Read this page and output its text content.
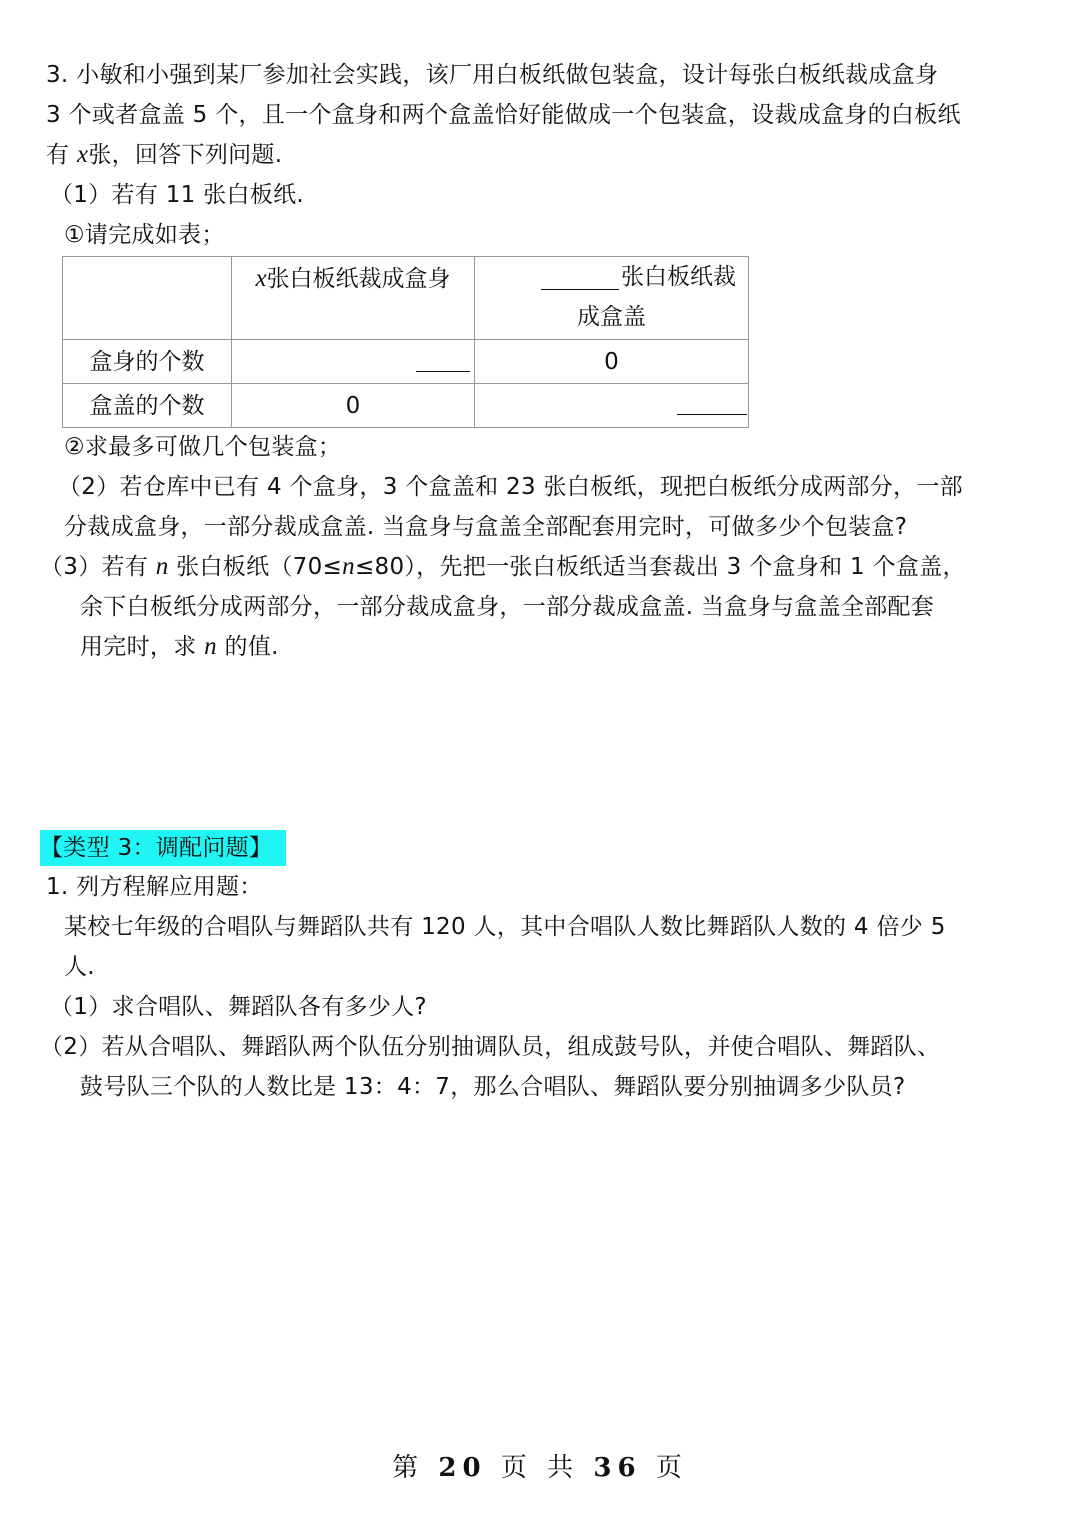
3. 小敏和小强到某厂参加社会实践，该厂用白板纸做包装盒，设计每张白板纸裁成盒身
3 个或者盒盖 5 个，且一个盒身和两个盒盖恰好能做成一个包装盒，设裁成盒身的白板纸
有 x张，回答下列问题.
（1）若有 11 张白板纸.
①请完成如表；

	x张白板纸裁成盒身	张白板纸裁
成盒盖

盒身的个数		0
盒盖的个数	0	
②求最多可做几个包装盒；
（2）若仓库中已有 4 个盒身，3 个盒盖和 23 张白板纸，现把白板纸分成两部分，一部
分裁成盒身，一部分裁成盒盖. 当盒身与盒盖全部配套用完时，可做多少个包装盒?
（3）若有 n 张白板纸（70≤n≤80），先把一张白板纸适当套裁出 3 个盒身和 1 个盒盖，
余下白板纸分成两部分，一部分裁成盒身，一部分裁成盒盖. 当盒身与盒盖全部配套
用完时，求 n 的值.
【类型 3：调配问题】
1. 列方程解应用题：
某校七年级的合唱队与舞蹈队共有 120 人，其中合唱队人数比舞蹈队人数的 4 倍少 5
人.
（1）求合唱队、舞蹈队各有多少人?
（2）若从合唱队、舞蹈队两个队伍分别抽调队员，组成鼓号队，并使合唱队、舞蹈队、
鼓号队三个队的人数比是 13：4：7，那么合唱队、舞蹈队要分别抽调多少队员?
第 20 页 共 36 页
